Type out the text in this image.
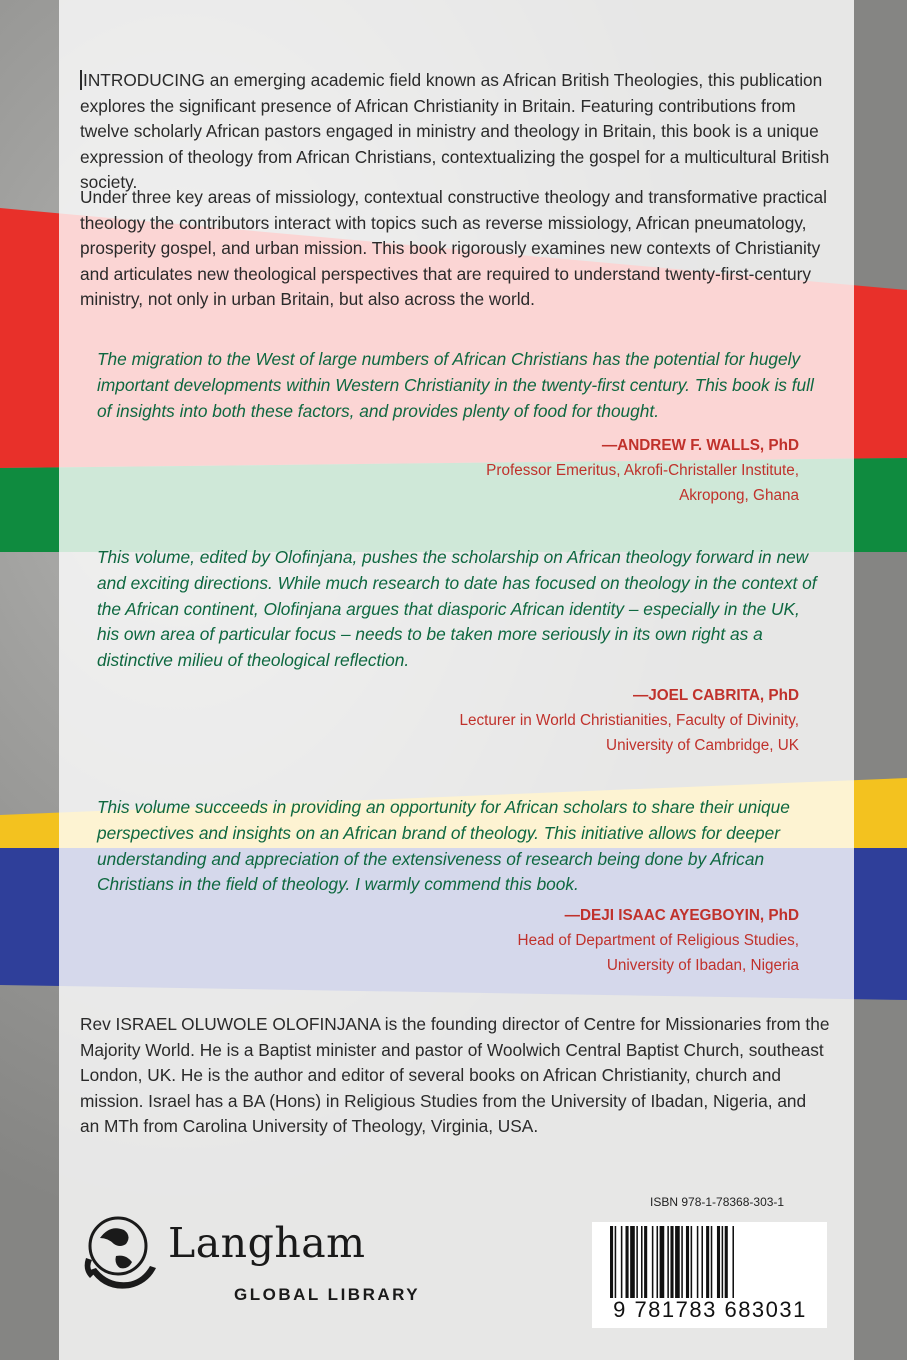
INTRODUCING an emerging academic field known as African British Theologies, this publication explores the significant presence of African Christianity in Britain. Featuring contributions from twelve scholarly African pastors engaged in ministry and theology in Britain, this book is a unique expression of theology from African Christians, contextualizing the gospel for a multicultural British society.

Under three key areas of missiology, contextual constructive theology and transformative practical theology the contributors interact with topics such as reverse missiology, African pneumatology, prosperity gospel, and urban mission. This book rigorously examines new contexts of Christianity and articulates new theological perspectives that are required to understand twenty-first-century ministry, not only in urban Britain, but also across the world.

The migration to the West of large numbers of African Christians has the potential for hugely important developments within Western Christianity in the twenty-first century. This book is full of insights into both these factors, and provides plenty of food for thought.

—ANDREW F. WALLS, PhD
Professor Emeritus, Akrofi-Christaller Institute,
Akropong, Ghana

This volume, edited by Olofinjana, pushes the scholarship on African theology forward in new and exciting directions. While much research to date has focused on theology in the context of the African continent, Olofinjana argues that diasporic African identity – especially in the UK, his own area of particular focus – needs to be taken more seriously in its own right as a distinctive milieu of theological reflection.

—JOEL CABRITA, PhD
Lecturer in World Christianities, Faculty of Divinity,
University of Cambridge, UK

This volume succeeds in providing an opportunity for African scholars to share their unique perspectives and insights on an African brand of theology. This initiative allows for deeper understanding and appreciation of the extensiveness of research being done by African Christians in the field of theology. I warmly commend this book.

—DEJI ISAAC AYEGBOYIN, PhD
Head of Department of Religious Studies,
University of Ibadan, Nigeria

Rev ISRAEL OLUWOLE OLOFINJANA is the founding director of Centre for Missionaries from the Majority World. He is a Baptist minister and pastor of Woolwich Central Baptist Church, southeast London, UK. He is the author and editor of several books on African Christianity, church and mission. Israel has a BA (Hons) in Religious Studies from the University of Ibadan, Nigeria, and an MTh from Carolina University of Theology, Virginia, USA.

Langham
GLOBAL LIBRARY
ISBN 978-1-78368-303-1
9 781783 683031
